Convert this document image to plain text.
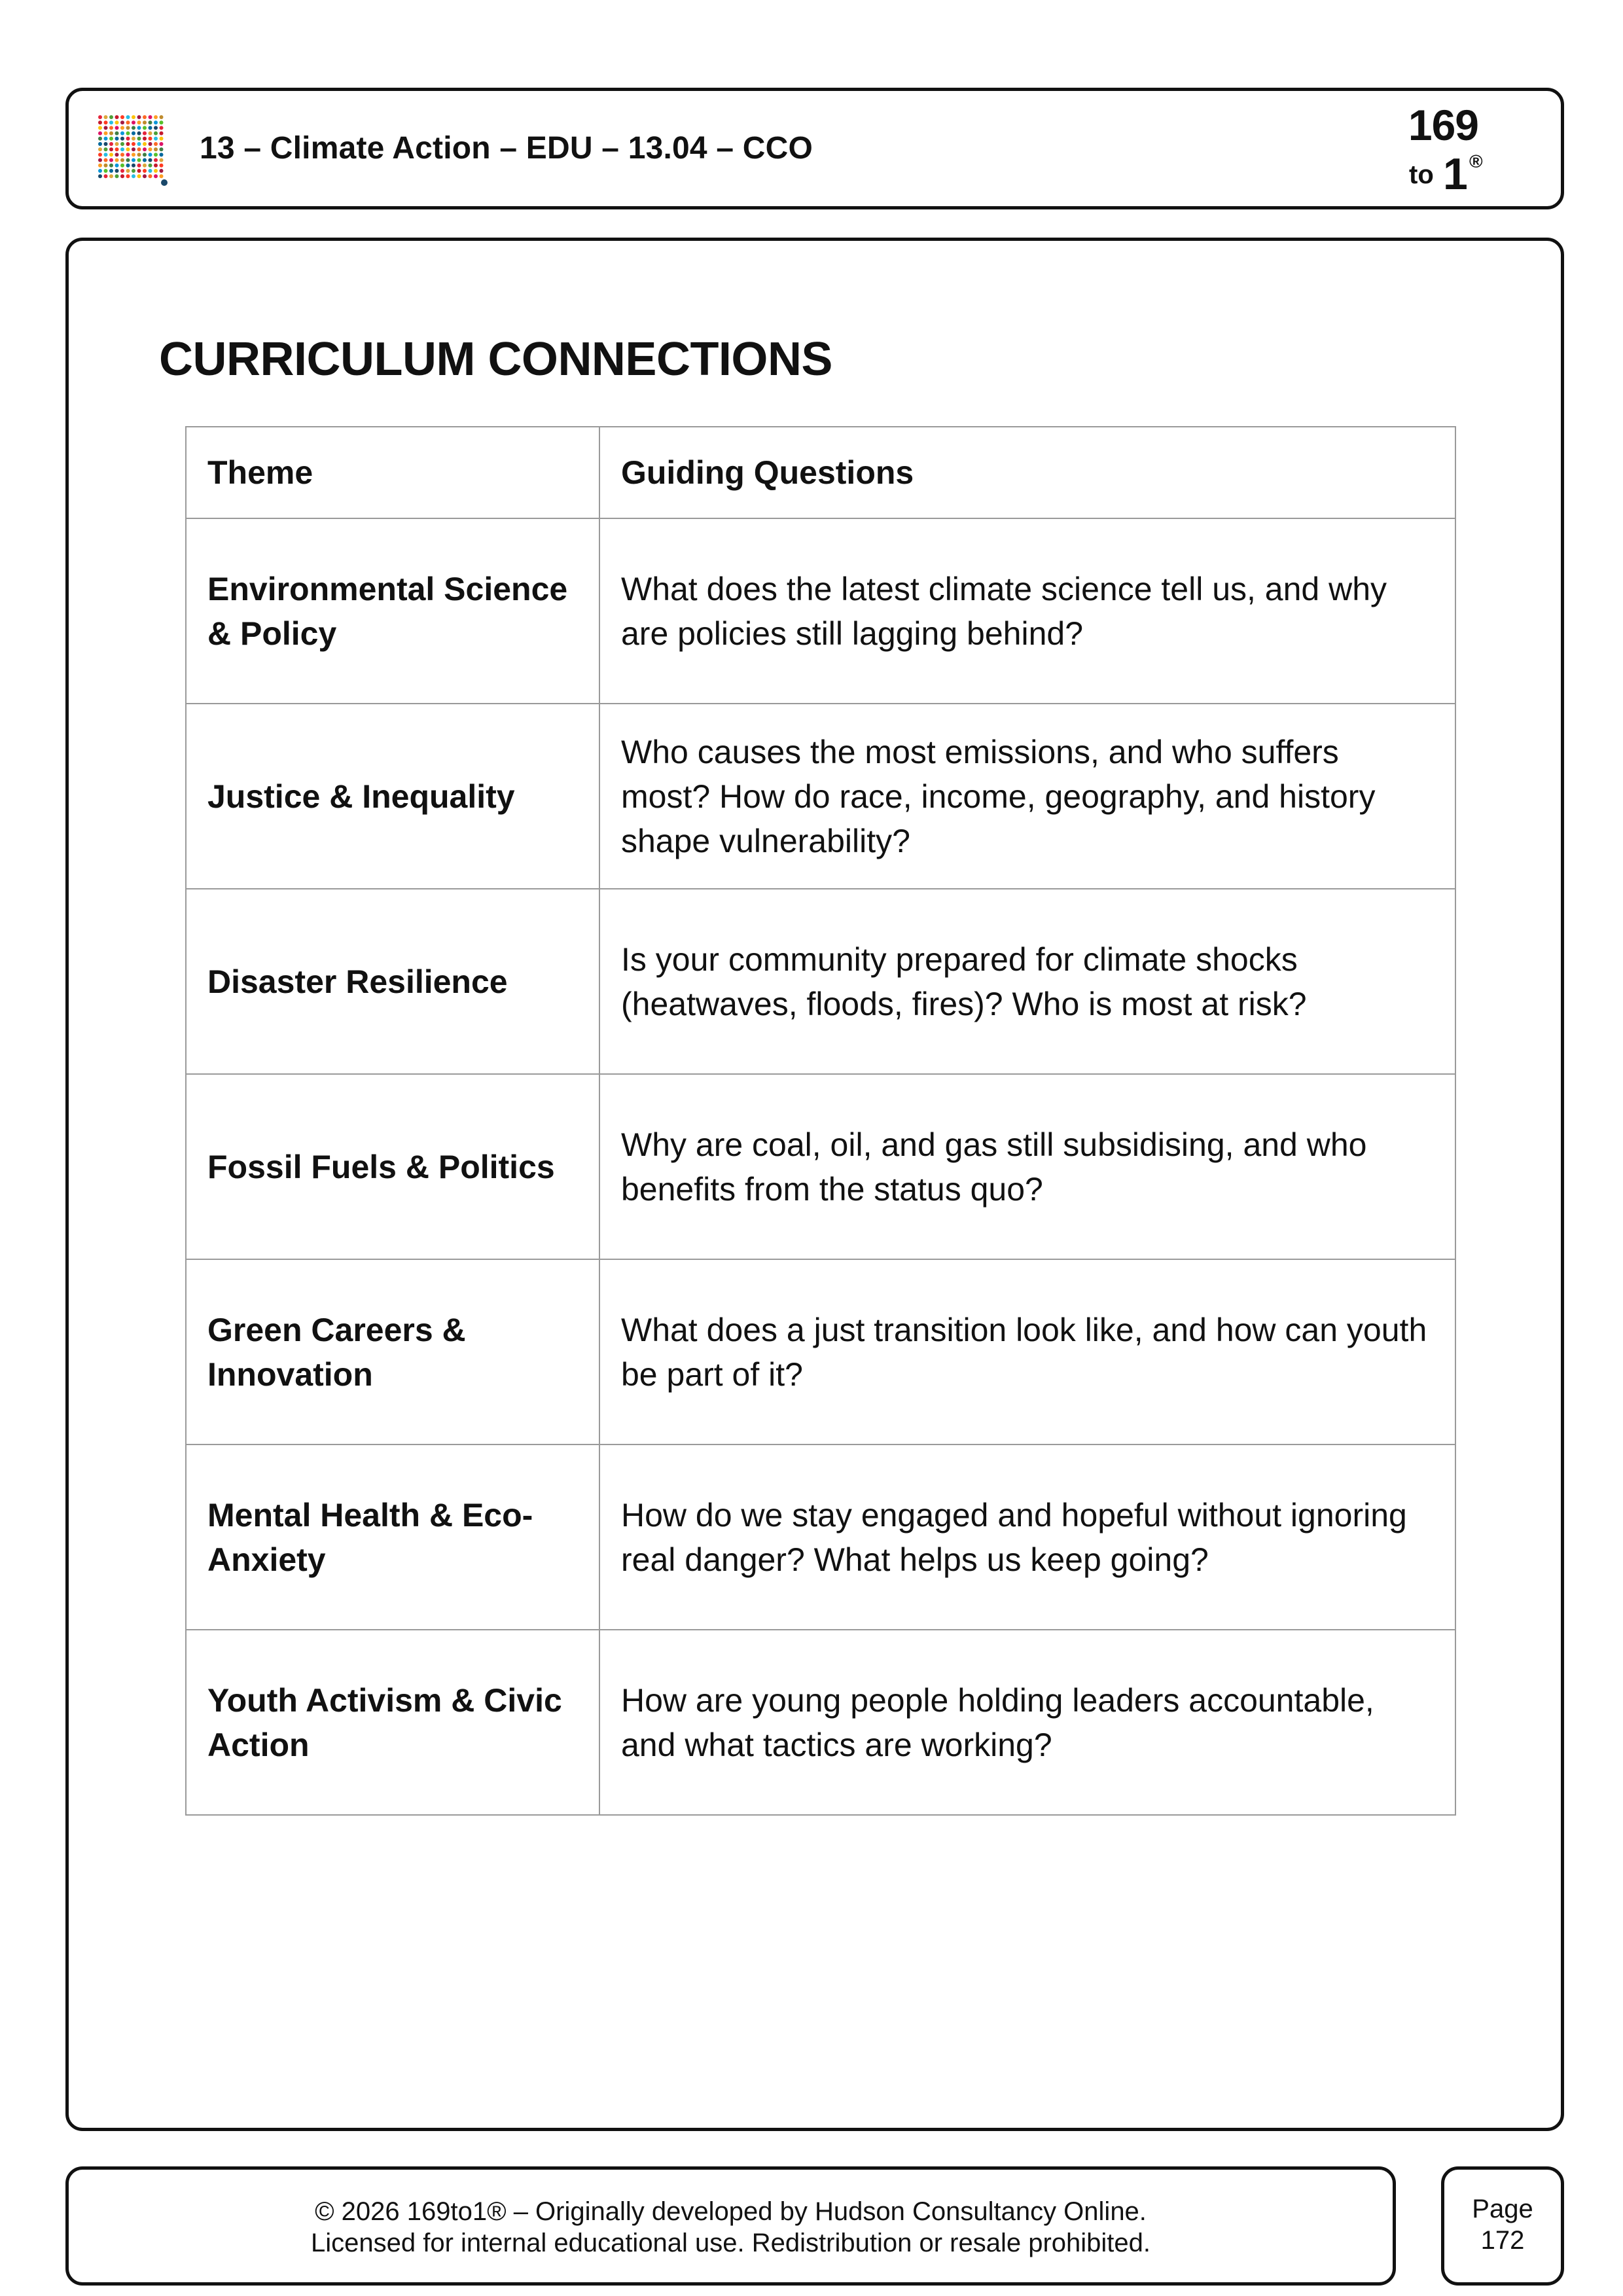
13 – Climate Action – EDU – 13.04 – CCO	169
to 1 ®
CURRICULUM CONNECTIONS
Theme	Guiding Questions
Environmental Science & Policy	What does the latest climate science tell us, and why are policies still lagging behind?
Justice & Inequality	Who causes the most emissions, and who suffers most? How do race, income, geography, and history shape vulnerability?
Disaster Resilience	Is your community prepared for climate shocks (heatwaves, floods, fires)? Who is most at risk?
Fossil Fuels & Politics	Why are coal, oil, and gas still subsidising, and who benefits from the status quo?
Green Careers & Innovation	What does a just transition look like, and how can youth be part of it?
Mental Health & Eco-Anxiety	How do we stay engaged and hopeful without ignoring real danger? What helps us keep going?
Youth Activism & Civic Action	How are young people holding leaders accountable, and what tactics are working?
© 2026 169to1® – Originally developed by Hudson Consultancy Online.
Licensed for internal educational use. Redistribution or resale prohibited.
Page
172
